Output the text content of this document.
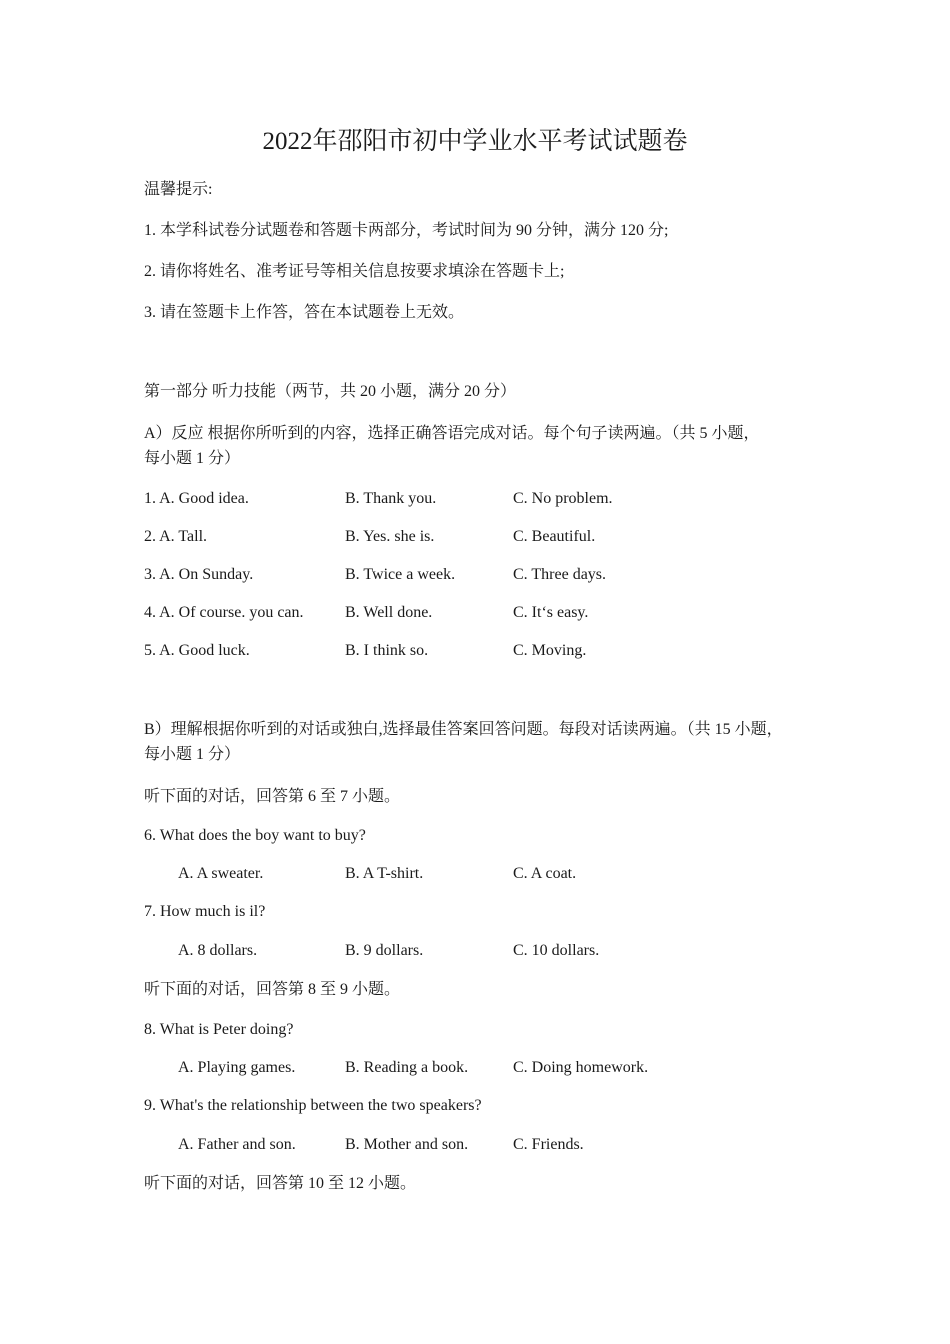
2022年邵阳市初中学业水平考试试题卷
温馨提示:
1. 本学科试卷分试题卷和答题卡两部分，考试时间为 90 分钟，满分 120 分;
2. 请你将姓名、准考证号等相关信息按要求填涂在答题卡上;
3. 请在签题卡上作答，答在本试题卷上无效。
第一部分 听力技能（两节，共 20 小题，满分 20 分）
A）反应 根据你所听到的内容，选择正确答语完成对话。每个句子读两遍。（共 5 小题，
每小题 1 分）
1. A. Good idea.	B. Thank you.	C. No problem.
2. A. Tall.	B. Yes. she is.	C. Beautiful.
3. A. On Sunday.	B. Twice a week.	C. Three days.
4. A. Of course. you can.	B. Well done.	C. It‘s easy.
5. A. Good luck.	B. I think so.	C. Moving.
B）理解根据你听到的对话或独白,选择最佳答案回答问题。每段对话读两遍。（共 15 小题，
每小题 1 分）
听下面的对话，回答第 6 至 7 小题。
6. What does the boy want to buy?
A. A sweater.	B. A T-shirt.	C. A coat.
7. How much is il?
A. 8 dollars.	B. 9 dollars.	C. 10 dollars.
听下面的对话，回答第 8 至 9 小题。
8. What is Peter doing?
A. Playing games.	B. Reading a book.	C. Doing homework.
9. What's the relationship between the two speakers?
A. Father and son.	B. Mother and son.	C. Friends.
听下面的对话，回答第 10 至 12 小题。
